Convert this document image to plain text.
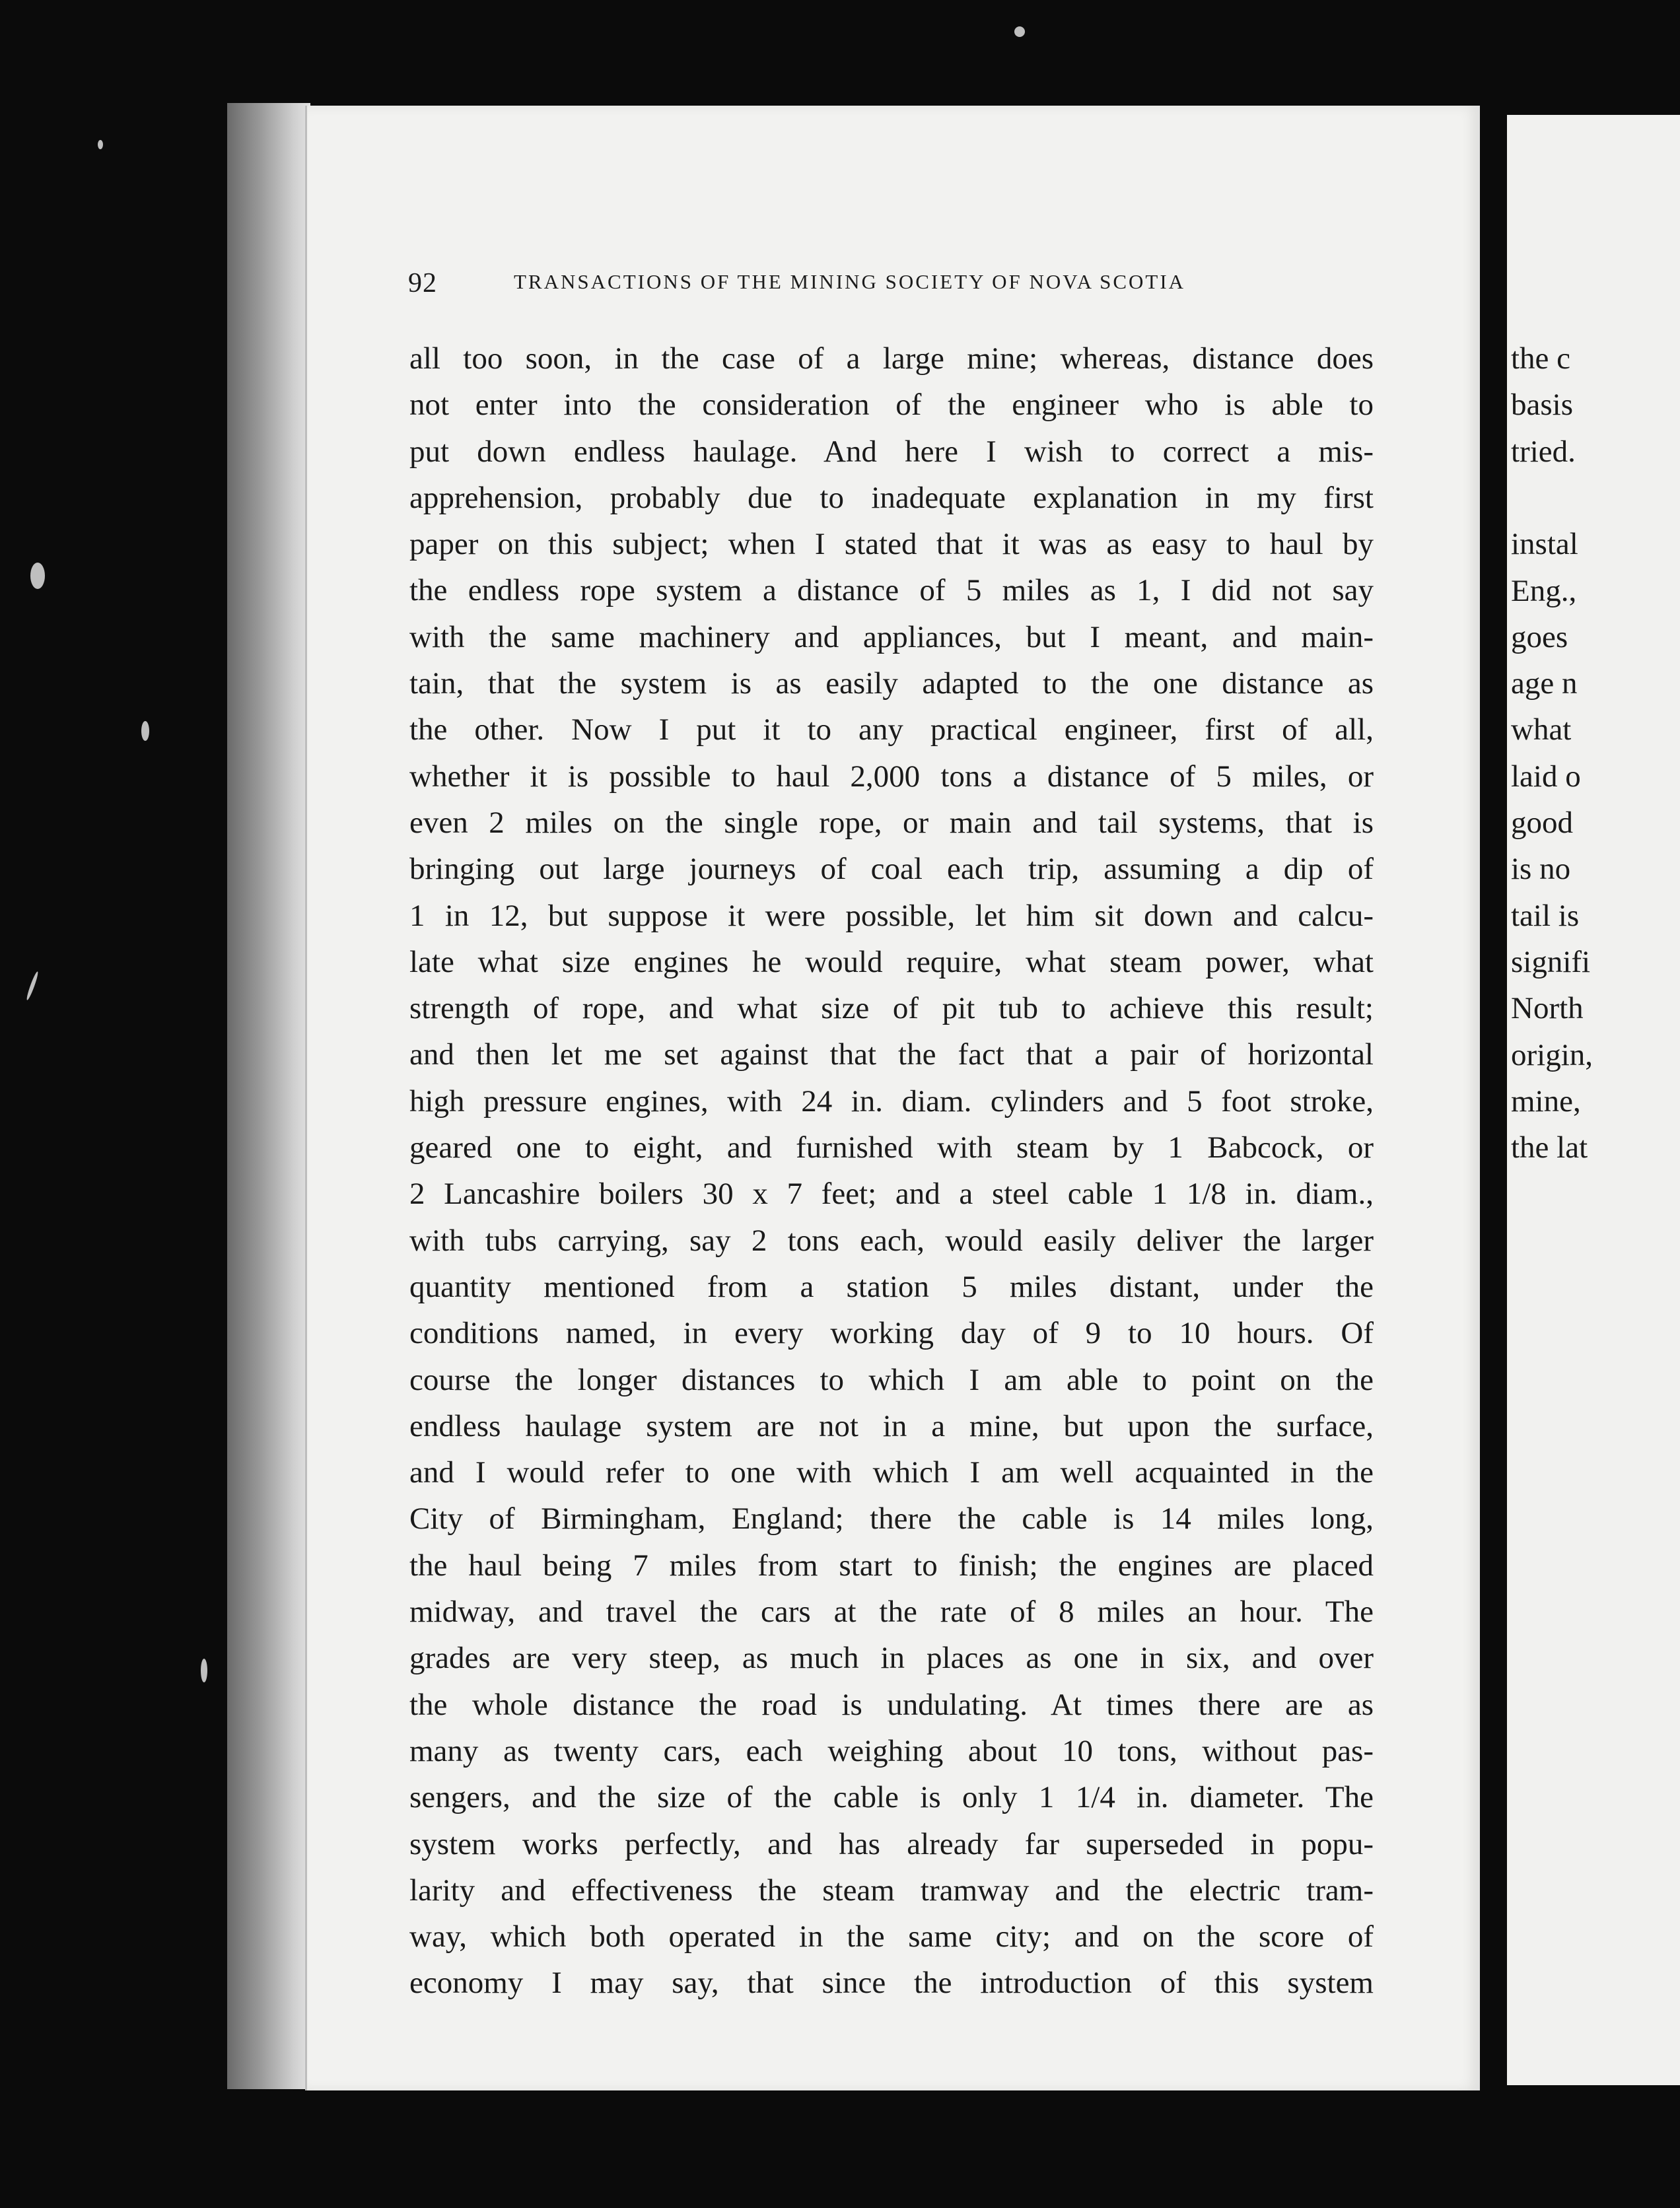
the c
basis
tried.
instal
Eng.,
goes
age n
what
laid o
good
is no
tail is
signifi
North
origin,
mine,
the lat
92	TRANSACTIONS OF THE MINING SOCIETY OF NOVA SCOTIA
all too soon, in the case of a large mine; whereas, distance does
not enter into the consideration of the engineer who is able to
put down endless haulage. And here I wish to correct a mis-
apprehension, probably due to inadequate explanation in my first
paper on this subject; when I stated that it was as easy to haul by
the endless rope system a distance of 5 miles as 1, I did not say
with the same machinery and appliances, but I meant, and main-
tain, that the system is as easily adapted to the one distance as
the other. Now I put it to any practical engineer, first of all,
whether it is possible to haul 2,000 tons a distance of 5 miles, or
even 2 miles on the single rope, or main and tail systems, that is
bringing out large journeys of coal each trip, assuming a dip of
1 in 12, but suppose it were possible, let him sit down and calcu-
late what size engines he would require, what steam power, what
strength of rope, and what size of pit tub to achieve this result;
and then let me set against that the fact that a pair of horizontal
high pressure engines, with 24 in. diam. cylinders and 5 foot stroke,
geared one to eight, and furnished with steam by 1 Babcock, or
2 Lancashire boilers 30 x 7 feet; and a steel cable 1 1/8 in. diam.,
with tubs carrying, say 2 tons each, would easily deliver the larger
quantity mentioned from a station 5 miles distant, under the
conditions named, in every working day of 9 to 10 hours. Of
course the longer distances to which I am able to point on the
endless haulage system are not in a mine, but upon the surface,
and I would refer to one with which I am well acquainted in the
City of Birmingham, England; there the cable is 14 miles long,
the haul being 7 miles from start to finish; the engines are placed
midway, and travel the cars at the rate of 8 miles an hour. The
grades are very steep, as much in places as one in six, and over
the whole distance the road is undulating. At times there are as
many as twenty cars, each weighing about 10 tons, without pas-
sengers, and the size of the cable is only 1 1/4 in. diameter. The
system works perfectly, and has already far superseded in popu-
larity and effectiveness the steam tramway and the electric tram-
way, which both operated in the same city; and on the score of
economy I may say, that since the introduction of this system
